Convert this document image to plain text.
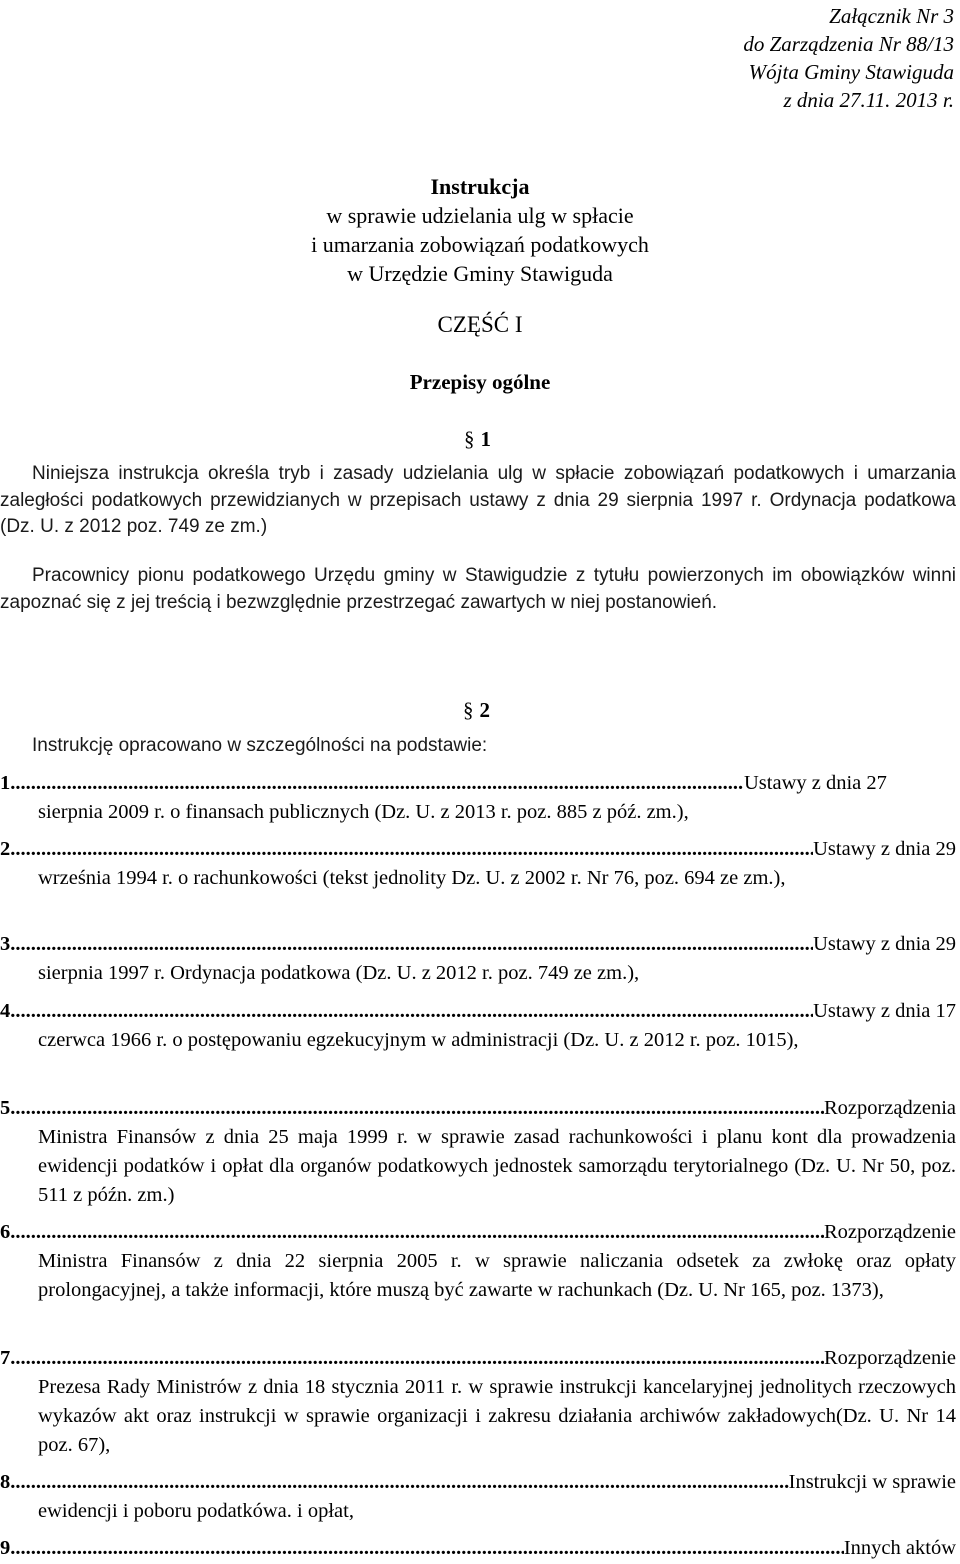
Załącznik Nr 3
do Zarządzenia Nr 88/13
Wójta Gminy Stawiguda
z dnia 27.11. 2013 r.
Instrukcja
w sprawie udzielania ulg w spłacie
i umarzania zobowiązań podatkowych
w Urzędzie Gminy Stawiguda
CZĘŚĆ I
Przepisy ogólne
§ 1
Niniejsza instrukcja określa tryb i zasady udzielania ulg w spłacie zobowiązań podatkowych i umarzania zaległości podatkowych przewidzianych w przepisach ustawy z dnia 29 sierpnia 1997 r. Ordynacja podatkowa (Dz. U. z 2012 poz. 749 ze zm.)
Pracownicy pionu podatkowego Urzędu gminy w Stawigudzie z tytułu powierzonych im obowiązków winni zapoznać się z jej treścią i bezwzględnie przestrzegać zawartych w niej postanowień.
§ 2
Instrukcję opracowano w szczególności na podstawie:
1. .....	Ustawy z dnia 27
sierpnia 2009 r. o finansach publicznych (Dz. U. z 2013 r. poz. 885 z póź. zm.),
2. .....	Ustawy z dnia 29
września 1994 r. o rachunkowości (tekst jednolity Dz. U. z 2002 r. Nr 76, poz. 694 ze zm.),
3. .....	Ustawy z dnia 29
sierpnia 1997 r. Ordynacja podatkowa (Dz. U. z 2012 r. poz. 749 ze zm.),
4. .....	Ustawy z dnia 17
czerwca 1966 r. o postępowaniu egzekucyjnym w administracji (Dz. U. z 2012 r. poz. 1015),
5. .....	Rozporządzenia
Ministra Finansów z dnia 25 maja 1999 r. w sprawie zasad rachunkowości i planu kont dla prowadzenia ewidencji podatków i opłat dla organów podatkowych jednostek samorządu terytorialnego (Dz. U. Nr 50, poz. 511 z późn. zm.)
6. .....	Rozporządzenie
Ministra Finansów z dnia 22 sierpnia 2005 r. w sprawie naliczania odsetek za zwłokę oraz opłaty prolongacyjnej, a także informacji, które muszą być zawarte w rachunkach (Dz. U. Nr 165, poz. 1373),
7. .....	Rozporządzenie
Prezesa Rady Ministrów z dnia 18 stycznia 2011 r. w sprawie instrukcji kancelaryjnej jednolitych rzeczowych wykazów akt oraz instrukcji w sprawie organizacji i zakresu działania archiwów zakładowych(Dz. U. Nr 14 poz. 67),
8. .....	Instrukcji w sprawie
ewidencji i poboru podatkówa. i opłat,
9. .....	Innych aktów
